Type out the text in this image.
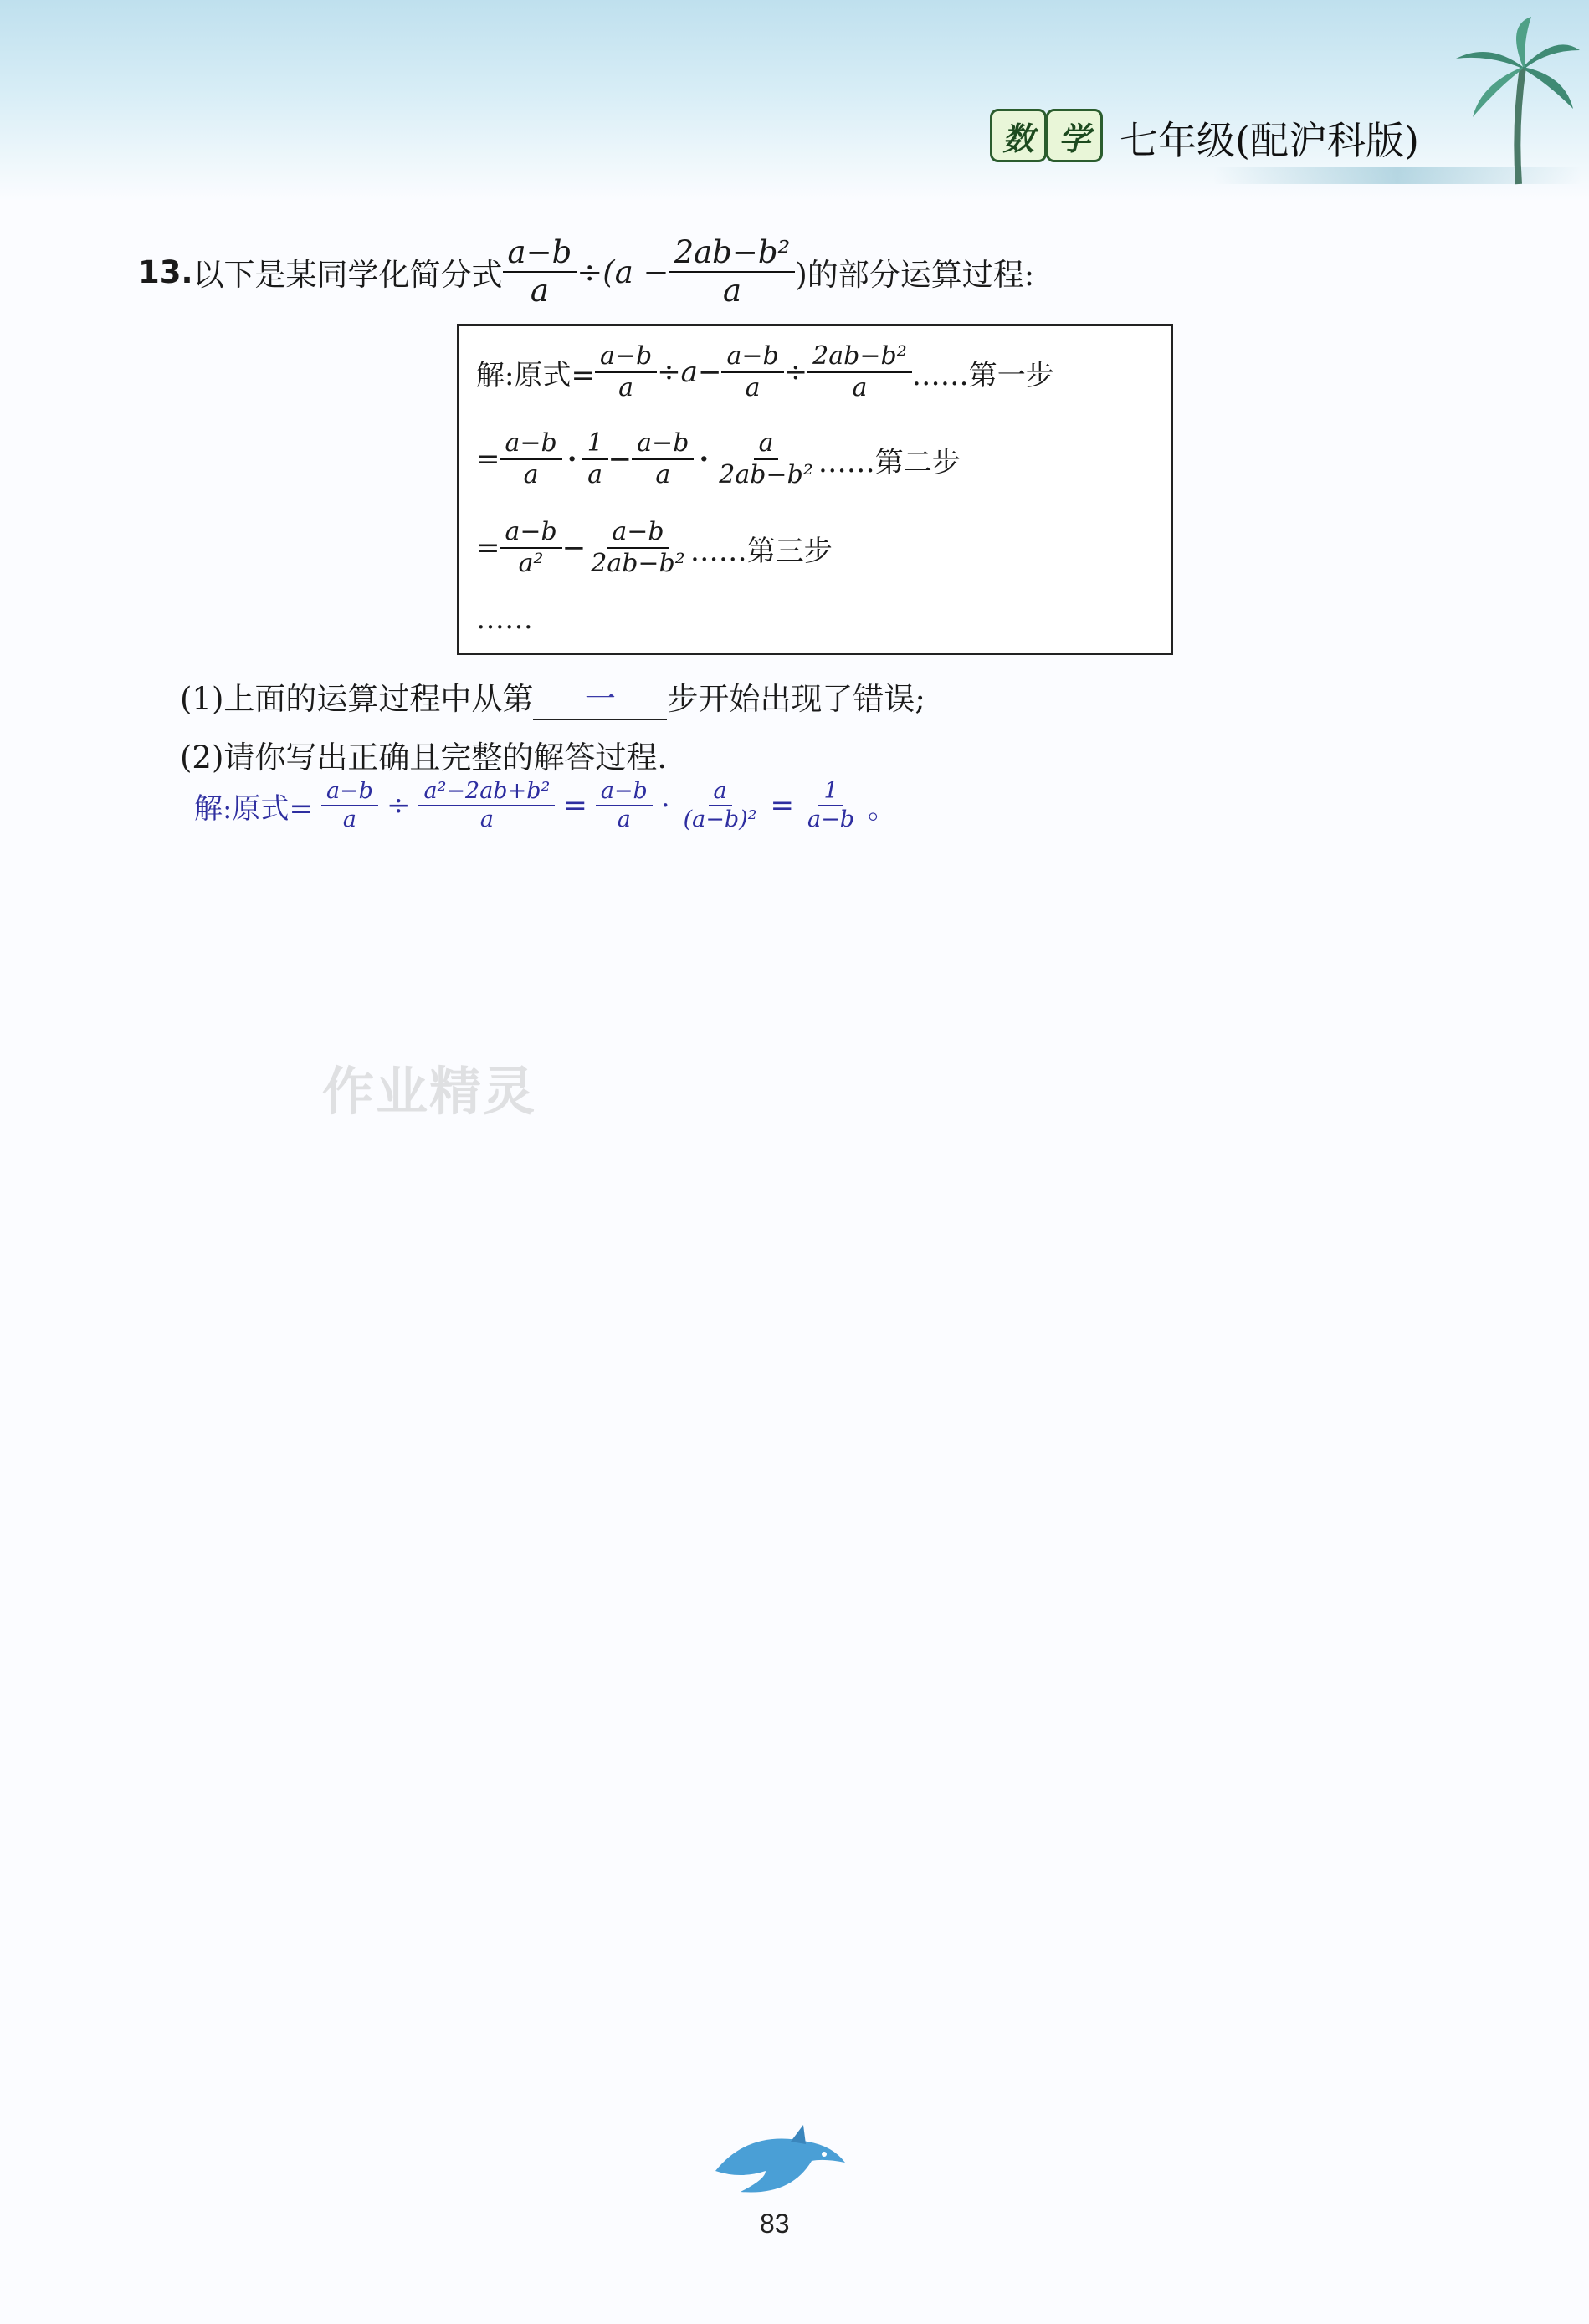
数 学 七年级(配沪科版)
13. 以下是某同学化简分式 $\frac{a-b}{a} \div(a - \frac{\text{2ab−b²}}{a}$ )的部分运算过程:
解:原式= $\frac{a-b}{a} \div a- \frac{a-b}{a} \div \frac{\text{2ab−b²}}{a}$ ……第一步
= $\frac{a-b}{a} \cdot \frac{1}{a} - \frac{a-b}{a} \cdot \frac{a}{\text{2ab−b²}}$ ……第二步
= $\frac{a-b}{\text{a²}} - \frac{a-b}{\text{2ab−b²}}$ ……第三步
……
(1)上面的运算过程中从第	一	步开始出现了错误;
(2)请你写出正确且完整的解答过程.
解:原式= $\frac{a-b}{a} \div \frac{\text{a²−2ab+b²}}{a} = \frac{a-b}{a} \cdot \frac{a}{\text{(a−b)²}} = \frac{1}{a-b}$ 。
作业精灵
83
